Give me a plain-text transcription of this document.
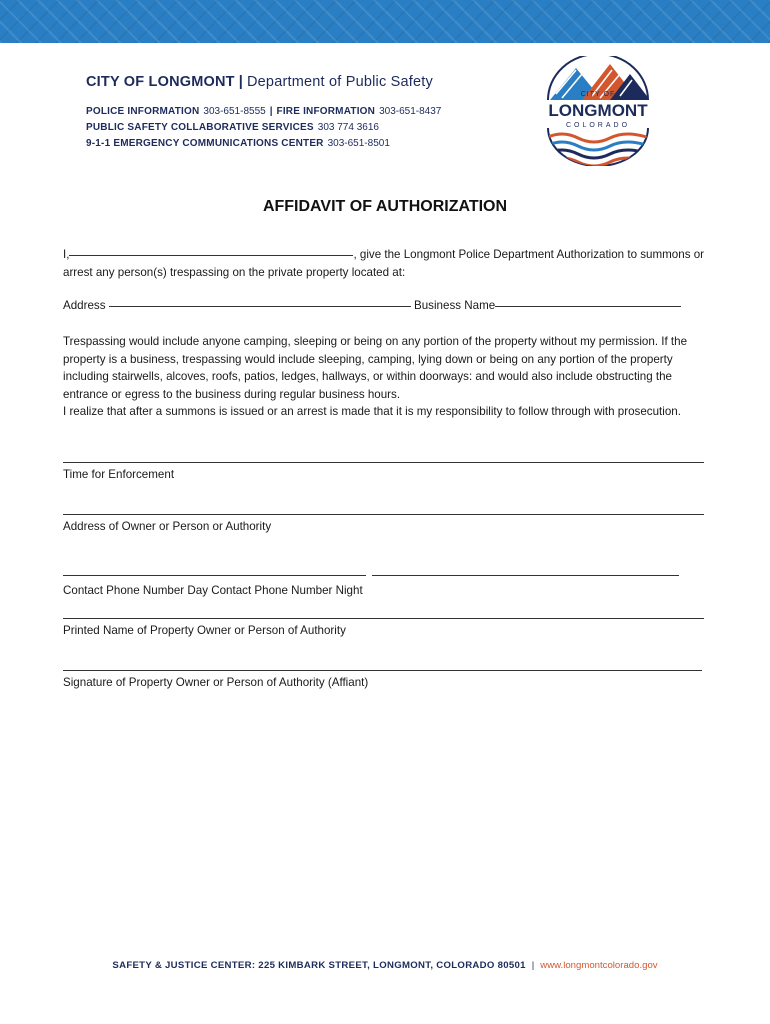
CITY OF LONGMONT | Department of Public Safety
POLICE INFORMATION 303-651-8555 | FIRE INFORMATION 303-651-8437
PUBLIC SAFETY COLLABORATIVE SERVICES 303 774 3616
9-1-1 EMERGENCY COMMUNICATIONS CENTER 303-651-8501
CITY OF
LONGMONT
COLORADO
AFFIDAVIT OF AUTHORIZATION
I,	, give the Longmont Police Department Authorization to summons or arrest any person(s) trespassing on the private property located at:
Address	Business Name
Trespassing would include anyone camping, sleeping or being on any portion of the property without my permission. If the property is a business, trespassing would include sleeping, camping, lying down or being on any portion of the property including stairwells, alcoves, roofs, patios, ledges, hallways, or within doorways: and would also include obstructing the entrance or egress to the business during regular business hours.
I realize that after a summons is issued or an arrest is made that it is my responsibility to follow through with prosecution.
Time for Enforcement
Address of Owner or Person or Authority
Contact Phone Number Day Contact Phone Number Night
Printed Name of Property Owner or Person of Authority
Signature of Property Owner or Person of Authority (Affiant)
SAFETY & JUSTICE CENTER: 225 KIMBARK STREET, LONGMONT, COLORADO 80501 | www.longmontcolorado.gov
